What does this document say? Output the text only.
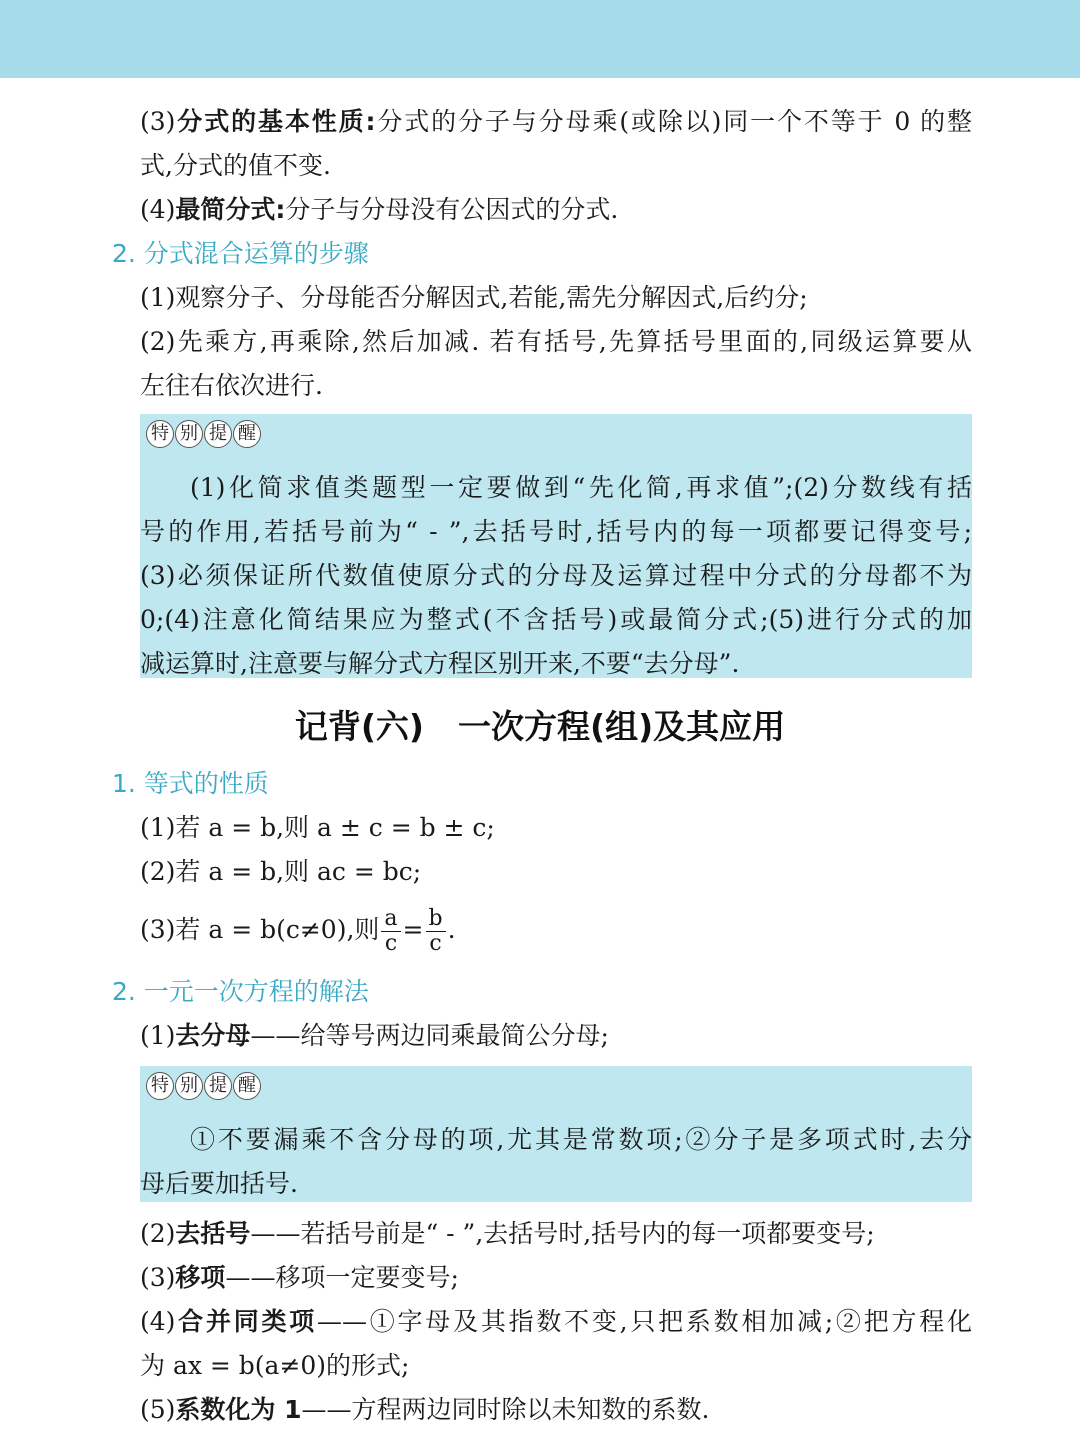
(3)分式的基本性质:分式的分子与分母乘(或除以)同一个不等于 0 的整
式,分式的值不变.
(4)最简分式:分子与分母没有公因式的分式.
2. 分式混合运算的步骤
(1)观察分子、分母能否分解因式,若能,需先分解因式,后约分;
(2)先乘方,再乘除,然后加减. 若有括号,先算括号里面的,同级运算要从
左往右依次进行.
特 别 提 醒
(1)化简求值类题型一定要做到“先化简,再求值”;(2)分数线有括
号的作用,若括号前为“ - ”,去括号时,括号内的每一项都要记得变号;
(3)必须保证所代数值使原分式的分母及运算过程中分式的分母都不为
0;(4)注意化简结果应为整式(不含括号)或最简分式;(5)进行分式的加
减运算时,注意要与解分式方程区别开来,不要“去分母”.
记背(六) 一次方程(组)及其应用
1. 等式的性质
(1)若 a = b,则 a ± c = b ± c;
(2)若 a = b,则 ac = bc;
(3)若 a = b(c≠0),则 $\frac{a}{c} = \frac{b}{c}$ .
2. 一元一次方程的解法
(1)去分母——给等号两边同乘最简公分母;
特 别 提 醒
①不要漏乘不含分母的项,尤其是常数项;②分子是多项式时,去分
母后要加括号.
(2)去括号——若括号前是“ - ”,去括号时,括号内的每一项都要变号;
(3)移项——移项一定要变号;
(4)合并同类项——①字母及其指数不变,只把系数相加减;②把方程化
为 ax = b(a≠0)的形式;
(5)系数化为 1——方程两边同时除以未知数的系数.
